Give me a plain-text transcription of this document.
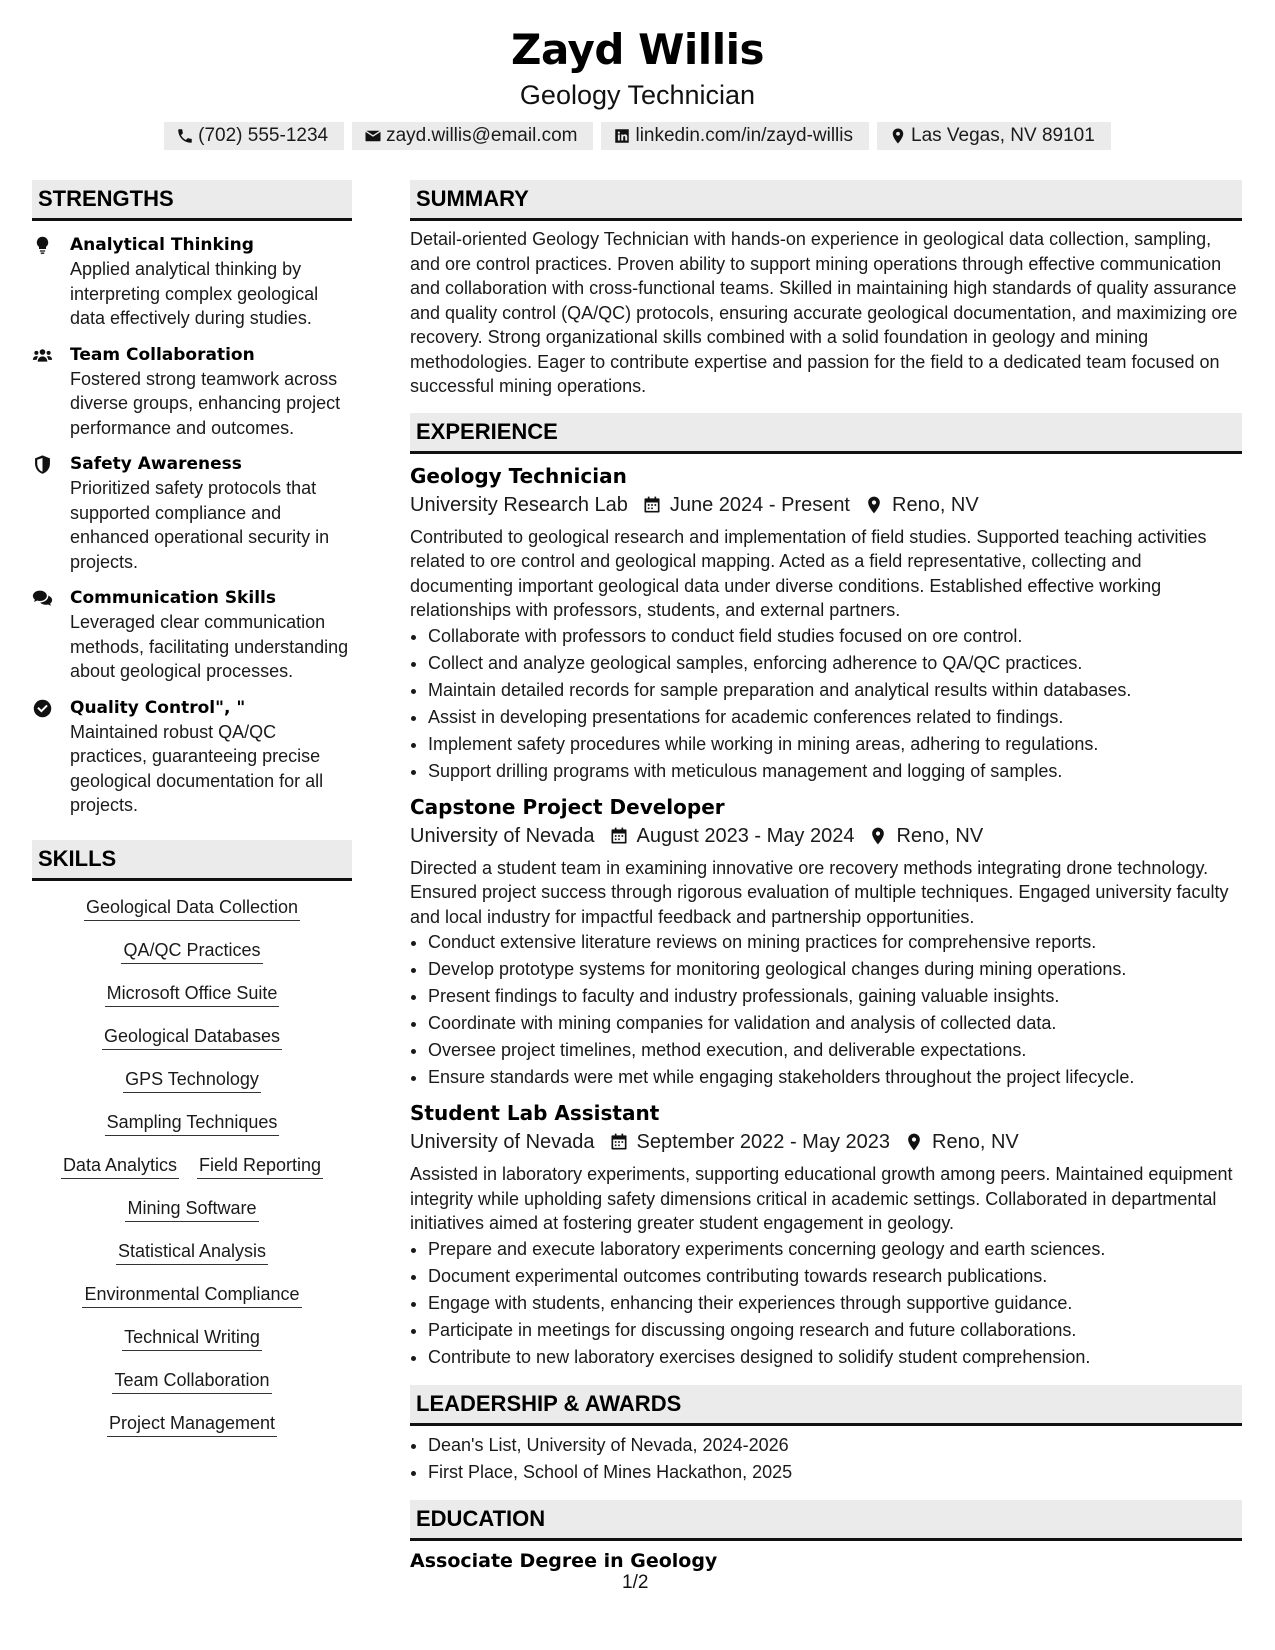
Zayd Willis
Geology Technician
(702) 555-1234	zayd.willis@email.com	linkedin.com/in/zayd-willis	Las Vegas, NV 89101
STRENGTHS
Analytical Thinking
Applied analytical thinking by interpreting complex geological data effectively during studies.
Team Collaboration
Fostered strong teamwork across diverse groups, enhancing project performance and outcomes.
Safety Awareness
Prioritized safety protocols that supported compliance and enhanced operational security in projects.
Communication Skills
Leveraged clear communication methods, facilitating understanding about geological processes.
Quality Control", "
Maintained robust QA/QC practices, guaranteeing precise geological documentation for all projects.
SKILLS
Geological Data Collection
QA/QC Practices
Microsoft Office Suite
Geological Databases
GPS Technology
Sampling Techniques
Data Analytics Field Reporting
Mining Software
Statistical Analysis
Environmental Compliance
Technical Writing
Team Collaboration
Project Management
SUMMARY
Detail-oriented Geology Technician with hands-on experience in geological data collection, sampling, and ore control practices. Proven ability to support mining operations through effective communication and collaboration with cross-functional teams. Skilled in maintaining high standards of quality assurance and quality control (QA/QC) protocols, ensuring accurate geological documentation, and maximizing ore recovery. Strong organizational skills combined with a solid foundation in geology and mining methodologies. Eager to contribute expertise and passion for the field to a dedicated team focused on successful mining operations.
EXPERIENCE
Geology Technician
University Research Lab June 2024 - Present Reno, NV
Contributed to geological research and implementation of field studies. Supported teaching activities related to ore control and geological mapping. Acted as a field representative, collecting and documenting important geological data under diverse conditions. Established effective working relationships with professors, students, and external partners.
• Collaborate with professors to conduct field studies focused on ore control.
• Collect and analyze geological samples, enforcing adherence to QA/QC practices.
• Maintain detailed records for sample preparation and analytical results within databases.
• Assist in developing presentations for academic conferences related to findings.
• Implement safety procedures while working in mining areas, adhering to regulations.
• Support drilling programs with meticulous management and logging of samples.
Capstone Project Developer
University of Nevada August 2023 - May 2024 Reno, NV
Directed a student team in examining innovative ore recovery methods integrating drone technology. Ensured project success through rigorous evaluation of multiple techniques. Engaged university faculty and local industry for impactful feedback and partnership opportunities.
• Conduct extensive literature reviews on mining practices for comprehensive reports.
• Develop prototype systems for monitoring geological changes during mining operations.
• Present findings to faculty and industry professionals, gaining valuable insights.
• Coordinate with mining companies for validation and analysis of collected data.
• Oversee project timelines, method execution, and deliverable expectations.
• Ensure standards were met while engaging stakeholders throughout the project lifecycle.
Student Lab Assistant
University of Nevada September 2022 - May 2023 Reno, NV
Assisted in laboratory experiments, supporting educational growth among peers. Maintained equipment integrity while upholding safety dimensions critical in academic settings. Collaborated in departmental initiatives aimed at fostering greater student engagement in geology.
• Prepare and execute laboratory experiments concerning geology and earth sciences.
• Document experimental outcomes contributing towards research publications.
• Engage with students, enhancing their experiences through supportive guidance.
• Participate in meetings for discussing ongoing research and future collaborations.
• Contribute to new laboratory exercises designed to solidify student comprehension.
LEADERSHIP & AWARDS
• Dean's List, University of Nevada, 2024-2026
• First Place, School of Mines Hackathon, 2025
EDUCATION
Associate Degree in Geology
1/2
